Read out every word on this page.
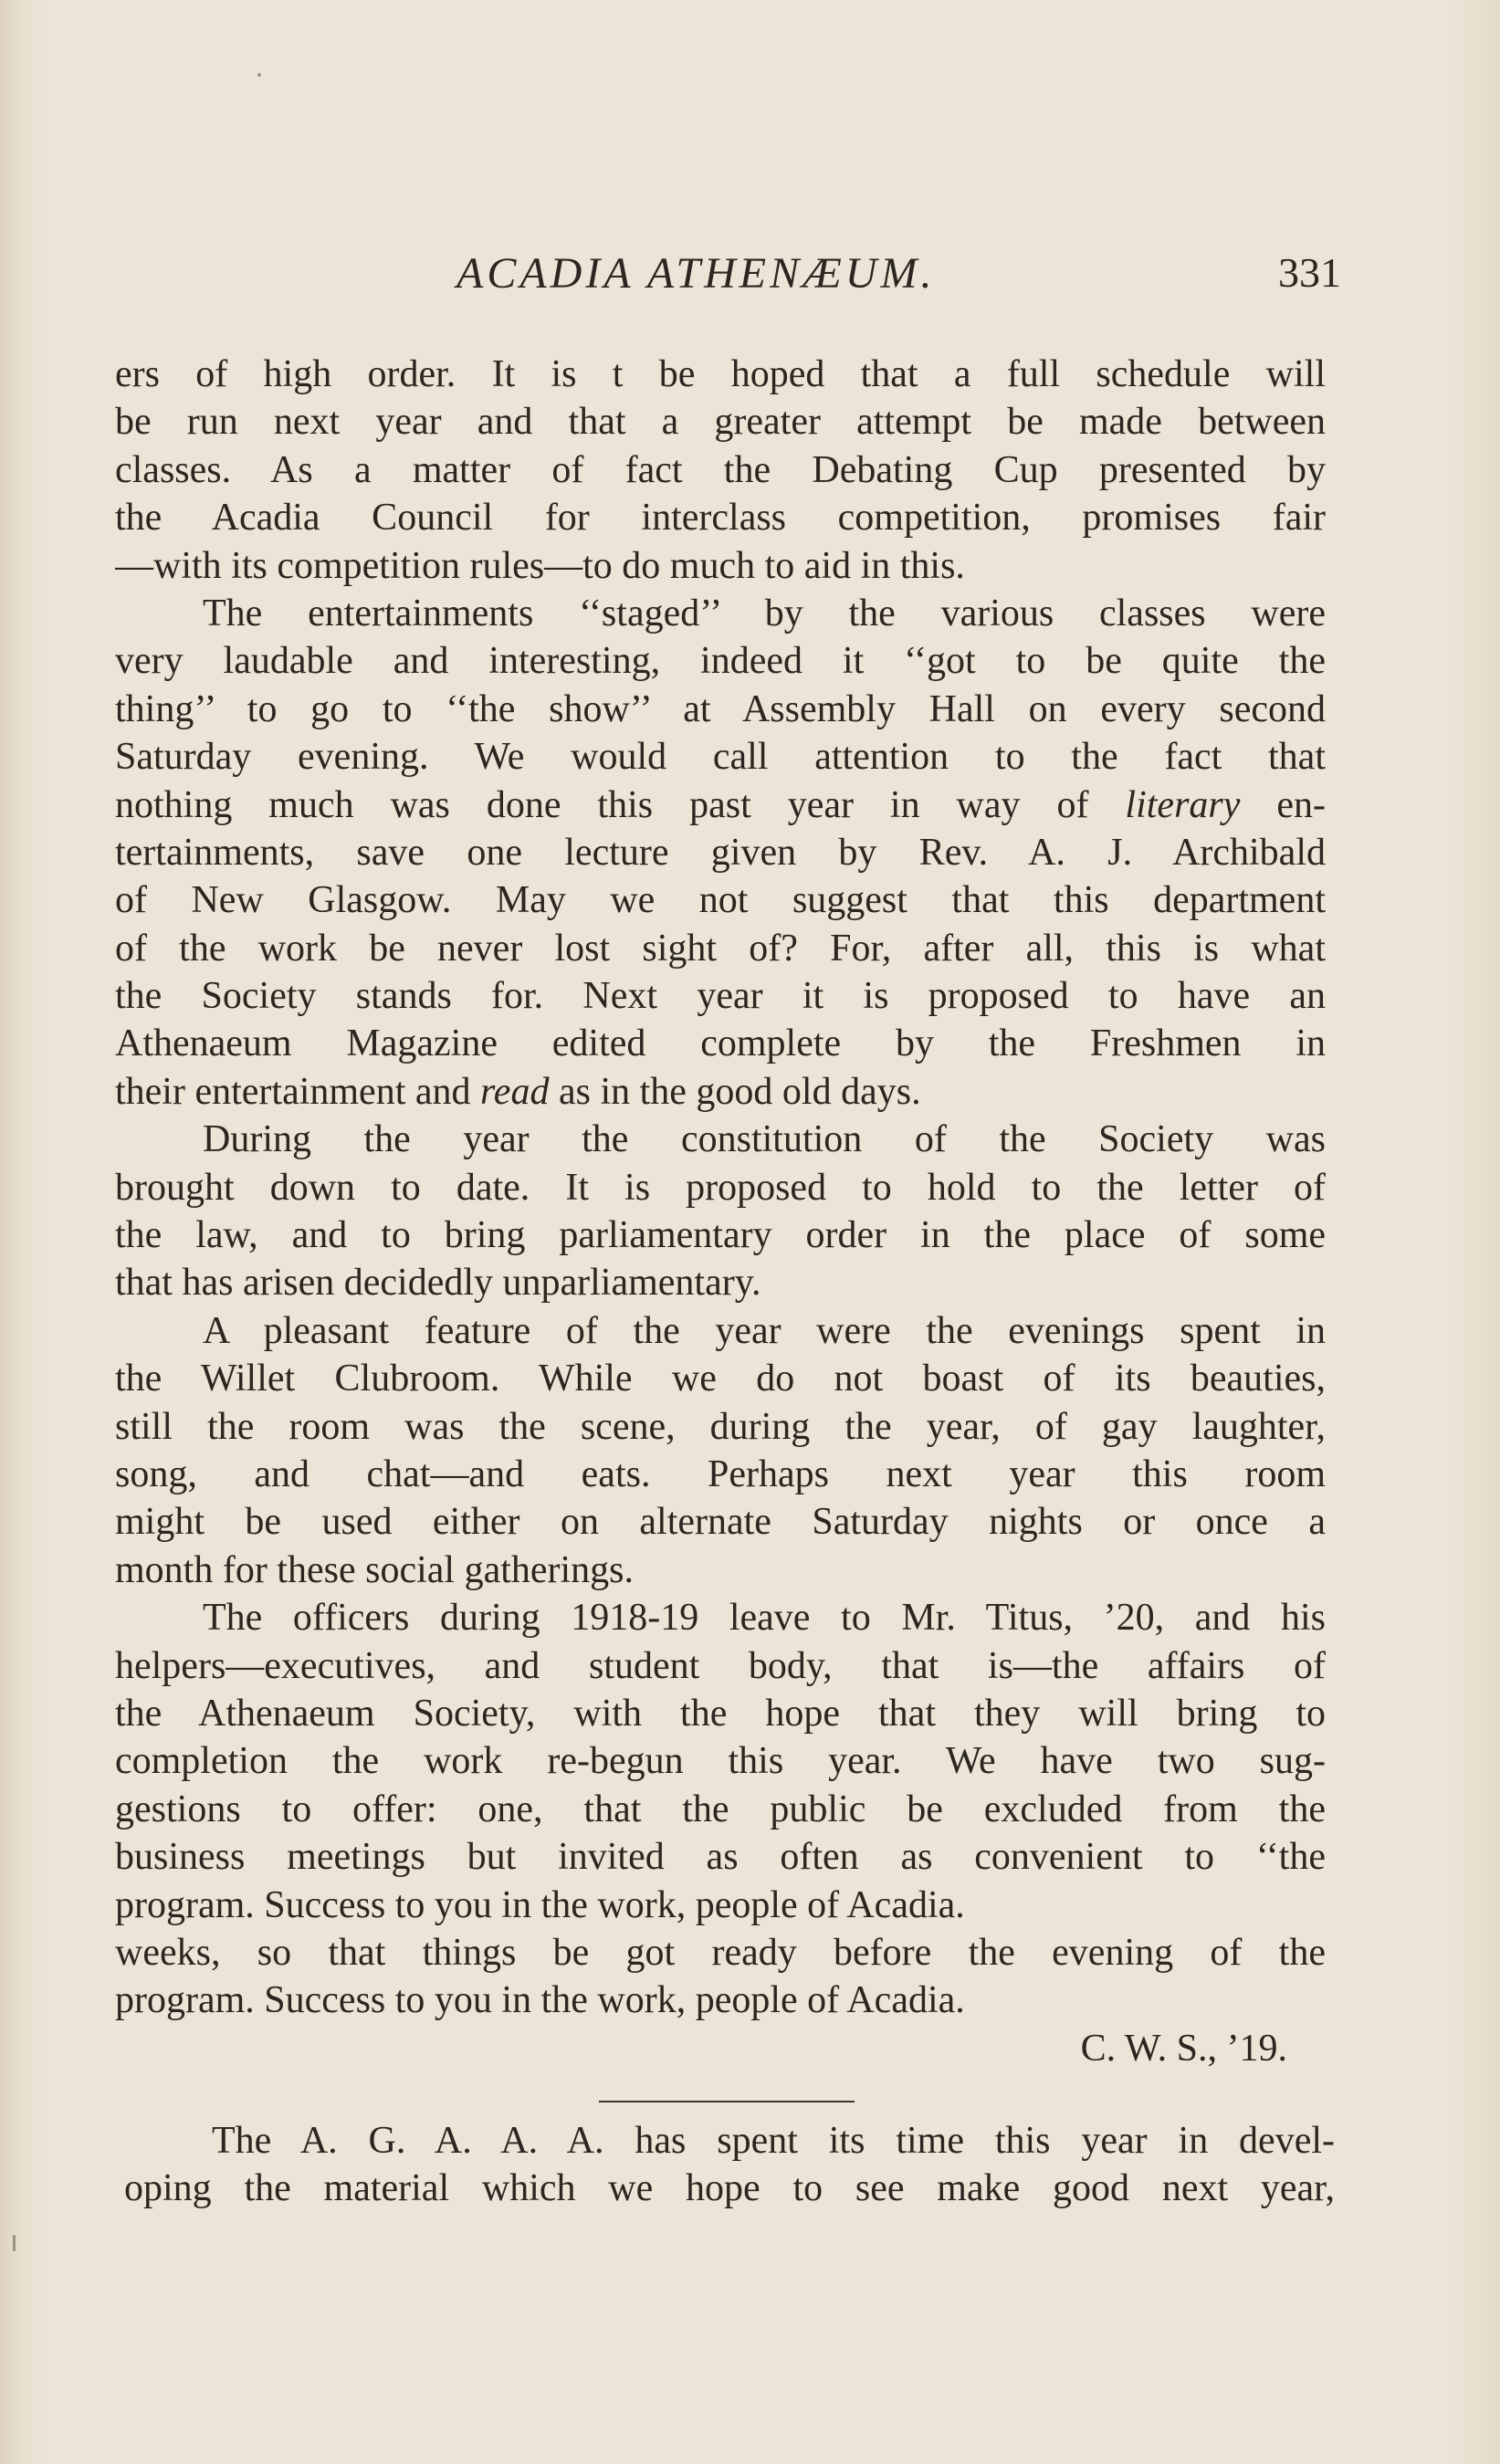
ACADIA ATHENÆUM.	331
ers of high order. It is t be hoped that a full schedule will
be run next year and that a greater attempt be made between
classes. As a matter of fact the Debating Cup presented by
the Acadia Council for interclass competition, promises fair
—with its competition rules—to do much to aid in this.
The entertainments ‘‘staged’’ by the various classes were
very laudable and interesting, indeed it ‘‘got to be quite the
thing’’ to go to ‘‘the show’’ at Assembly Hall on every second
Saturday evening. We would call attention to the fact that
nothing much was done this past year in way of literary en-
tertainments, save one lecture given by Rev. A. J. Archibald
of New Glasgow. May we not suggest that this department
of the work be never lost sight of? For, after all, this is what
the Society stands for. Next year it is proposed to have an
Athenaeum Magazine edited complete by the Freshmen in
their entertainment and read as in the good old days.
During the year the constitution of the Society was
brought down to date. It is proposed to hold to the letter of
the law, and to bring parliamentary order in the place of some
that has arisen decidedly unparliamentary.
A pleasant feature of the year were the evenings spent in
the Willet Clubroom. While we do not boast of its beauties,
still the room was the scene, during the year, of gay laughter,
song, and chat—and eats. Perhaps next year this room
might be used either on alternate Saturday nights or once a
month for these social gatherings.
The officers during 1918-19 leave to Mr. Titus, ’20, and his
helpers—executives, and student body, that is—the affairs of
the Athenaeum Society, with the hope that they will bring to
completion the work re-begun this year. We have two sug-
gestions to offer: one, that the public be excluded from the
business meetings but invited as often as convenient to ‘‘the
program. Success to you in the work, people of Acadia.
weeks, so that things be got ready before the evening of the
program. Success to you in the work, people of Acadia.
C. W. S., ’19.
The A. G. A. A. A. has spent its time this year in devel-
oping the material which we hope to see make good next year,
